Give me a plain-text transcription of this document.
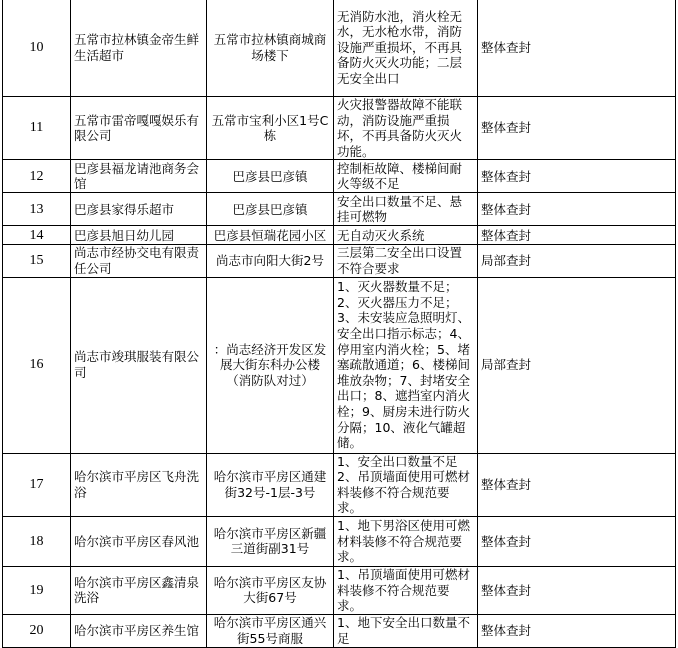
10	五常市拉林镇金帝生鲜生活超市	五常市拉林镇商城商场楼下	无消防水池，消火栓无水，无水枪水带，消防设施严重损坏，不再具备防火灭火功能；二层无安全出口	整体查封
11	五常市雷帝嘎嘎娱乐有限公司	五常市宝利小区1号C栋	火灾报警器故障不能联动，消防设施严重损坏，不再具备防火灭火功能。	整体查封
12	巴彦县福龙请池商务会馆	巴彦县巴彦镇	控制柜故障、楼梯间耐火等级不足	整体查封
13	巴彦县家得乐超市	巴彦县巴彦镇	安全出口数量不足、悬挂可燃物	整体查封
14	巴彦县旭日幼儿园	巴彦县恒瑞花园小区	无自动灭火系统	整体查封
15	尚志市经协交电有限责任公司	尚志市向阳大街2号	三层第二安全出口设置不符合要求	局部查封
16	尚志市竣琪服装有限公司	：尚志经济开发区发展大街东科办公楼（消防队对过）	1、灭火器数量不足；2、灭火器压力不足；3、未安装应急照明灯、安全出口指示标志；4、停用室内消火栓；5、堵塞疏散通道；6、楼梯间堆放杂物；7、封堵安全出口；8、遮挡室内消火栓；9、厨房未进行防火分隔；10、液化气罐超储。	局部查封
17	哈尔滨市平房区飞舟洗浴	哈尔滨市平房区通建街32号-1层-3号	1、安全出口数量不足2、吊顶墙面使用可燃材料装修不符合规范要求。	整体查封
18	哈尔滨市平房区春风池	哈尔滨市平房区新疆三道街副31号	1、地下男浴区使用可燃材料装修不符合规范要求。	整体查封
19	哈尔滨市平房区鑫清泉洗浴	哈尔滨市平房区友协大街67号	1、吊顶墙面使用可燃材料装修不符合规范要求。	整体查封
20	哈尔滨市平房区养生馆	哈尔滨市平房区通兴街55号商服	1、地下安全出口数量不足	整体查封
